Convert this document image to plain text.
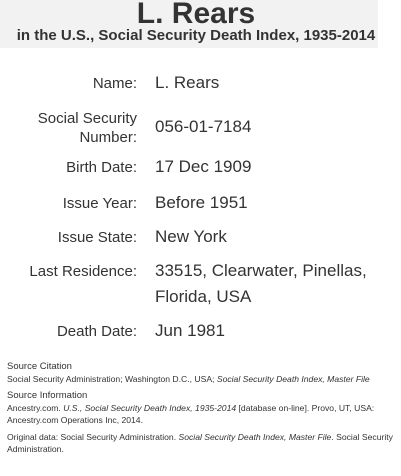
L. Rears
in the U.S., Social Security Death Index, 1935-2014
Name: L. Rears
Social Security
Number:
056-01-7184
Birth Date: 17 Dec 1909
Issue Year: Before 1951
Issue State: New York
Last Residence: 33515, Clearwater, Pinellas,
Florida, USA
Death Date: Jun 1981
Source Citation
Social Security Administration; Washington D.C., USA; Social Security Death Index, Master File
Source Information
Ancestry.com. U.S., Social Security Death Index, 1935-2014 [database on-line]. Provo, UT, USA: Ancestry.com Operations Inc, 2014.
Original data: Social Security Administration. Social Security Death Index, Master File. Social Security Administration.
